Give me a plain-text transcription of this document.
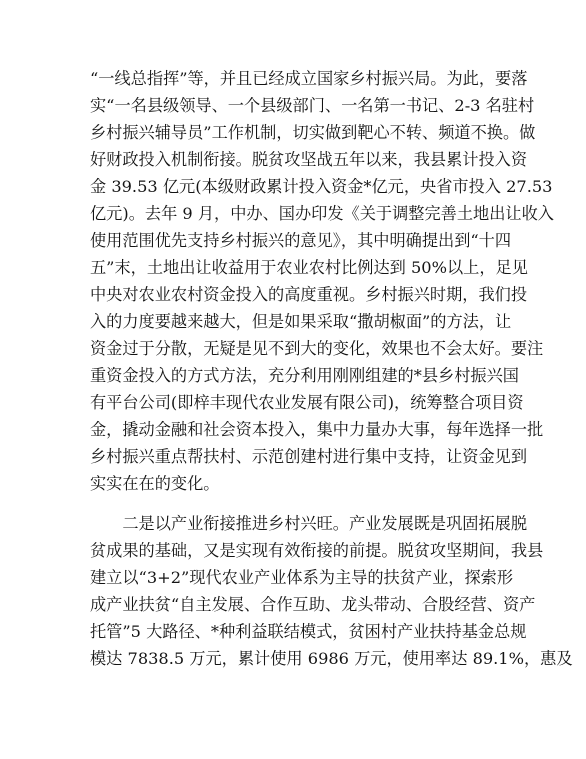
“一线总指挥”等，并且已经成立国家乡村振兴局。为此，要落
实“一名县级领导、一个县级部门、一名第一书记、2-3 名驻村
乡村振兴辅导员”工作机制，切实做到靶心不转、频道不换。做
好财政投入机制衔接。脱贫攻坚战五年以来，我县累计投入资
金 39.53 亿元(本级财政累计投入资金*亿元，央省市投入 27.53
亿元)。去年 9 月，中办、国办印发《关于调整完善土地出让收入
使用范围优先支持乡村振兴的意见》，其中明确提出到“十四
五”末，土地出让收益用于农业农村比例达到 50%以上，足见
中央对农业农村资金投入的高度重视。乡村振兴时期，我们投
入的力度要越来越大，但是如果采取“撒胡椒面”的方法，让
资金过于分散，无疑是见不到大的变化，效果也不会太好。要注
重资金投入的方式方法，充分利用刚刚组建的*县乡村振兴国
有平台公司(即梓丰现代农业发展有限公司)，统筹整合项目资
金，撬动金融和社会资本投入，集中力量办大事，每年选择一批
乡村振兴重点帮扶村、示范创建村进行集中支持，让资金见到
实实在在的变化。
　　二是以产业衔接推进乡村兴旺。产业发展既是巩固拓展脱
贫成果的基础，又是实现有效衔接的前提。脱贫攻坚期间，我县
建立以“3+2”现代农业产业体系为主导的扶贫产业，探索形
成产业扶贫“自主发展、合作互助、龙头带动、合股经营、资产
托管”5 大路径、*种利益联结模式，贫困村产业扶持基金总规
模达 7838.5 万元，累计使用 6986 万元，使用率达 89.1%，惠及
